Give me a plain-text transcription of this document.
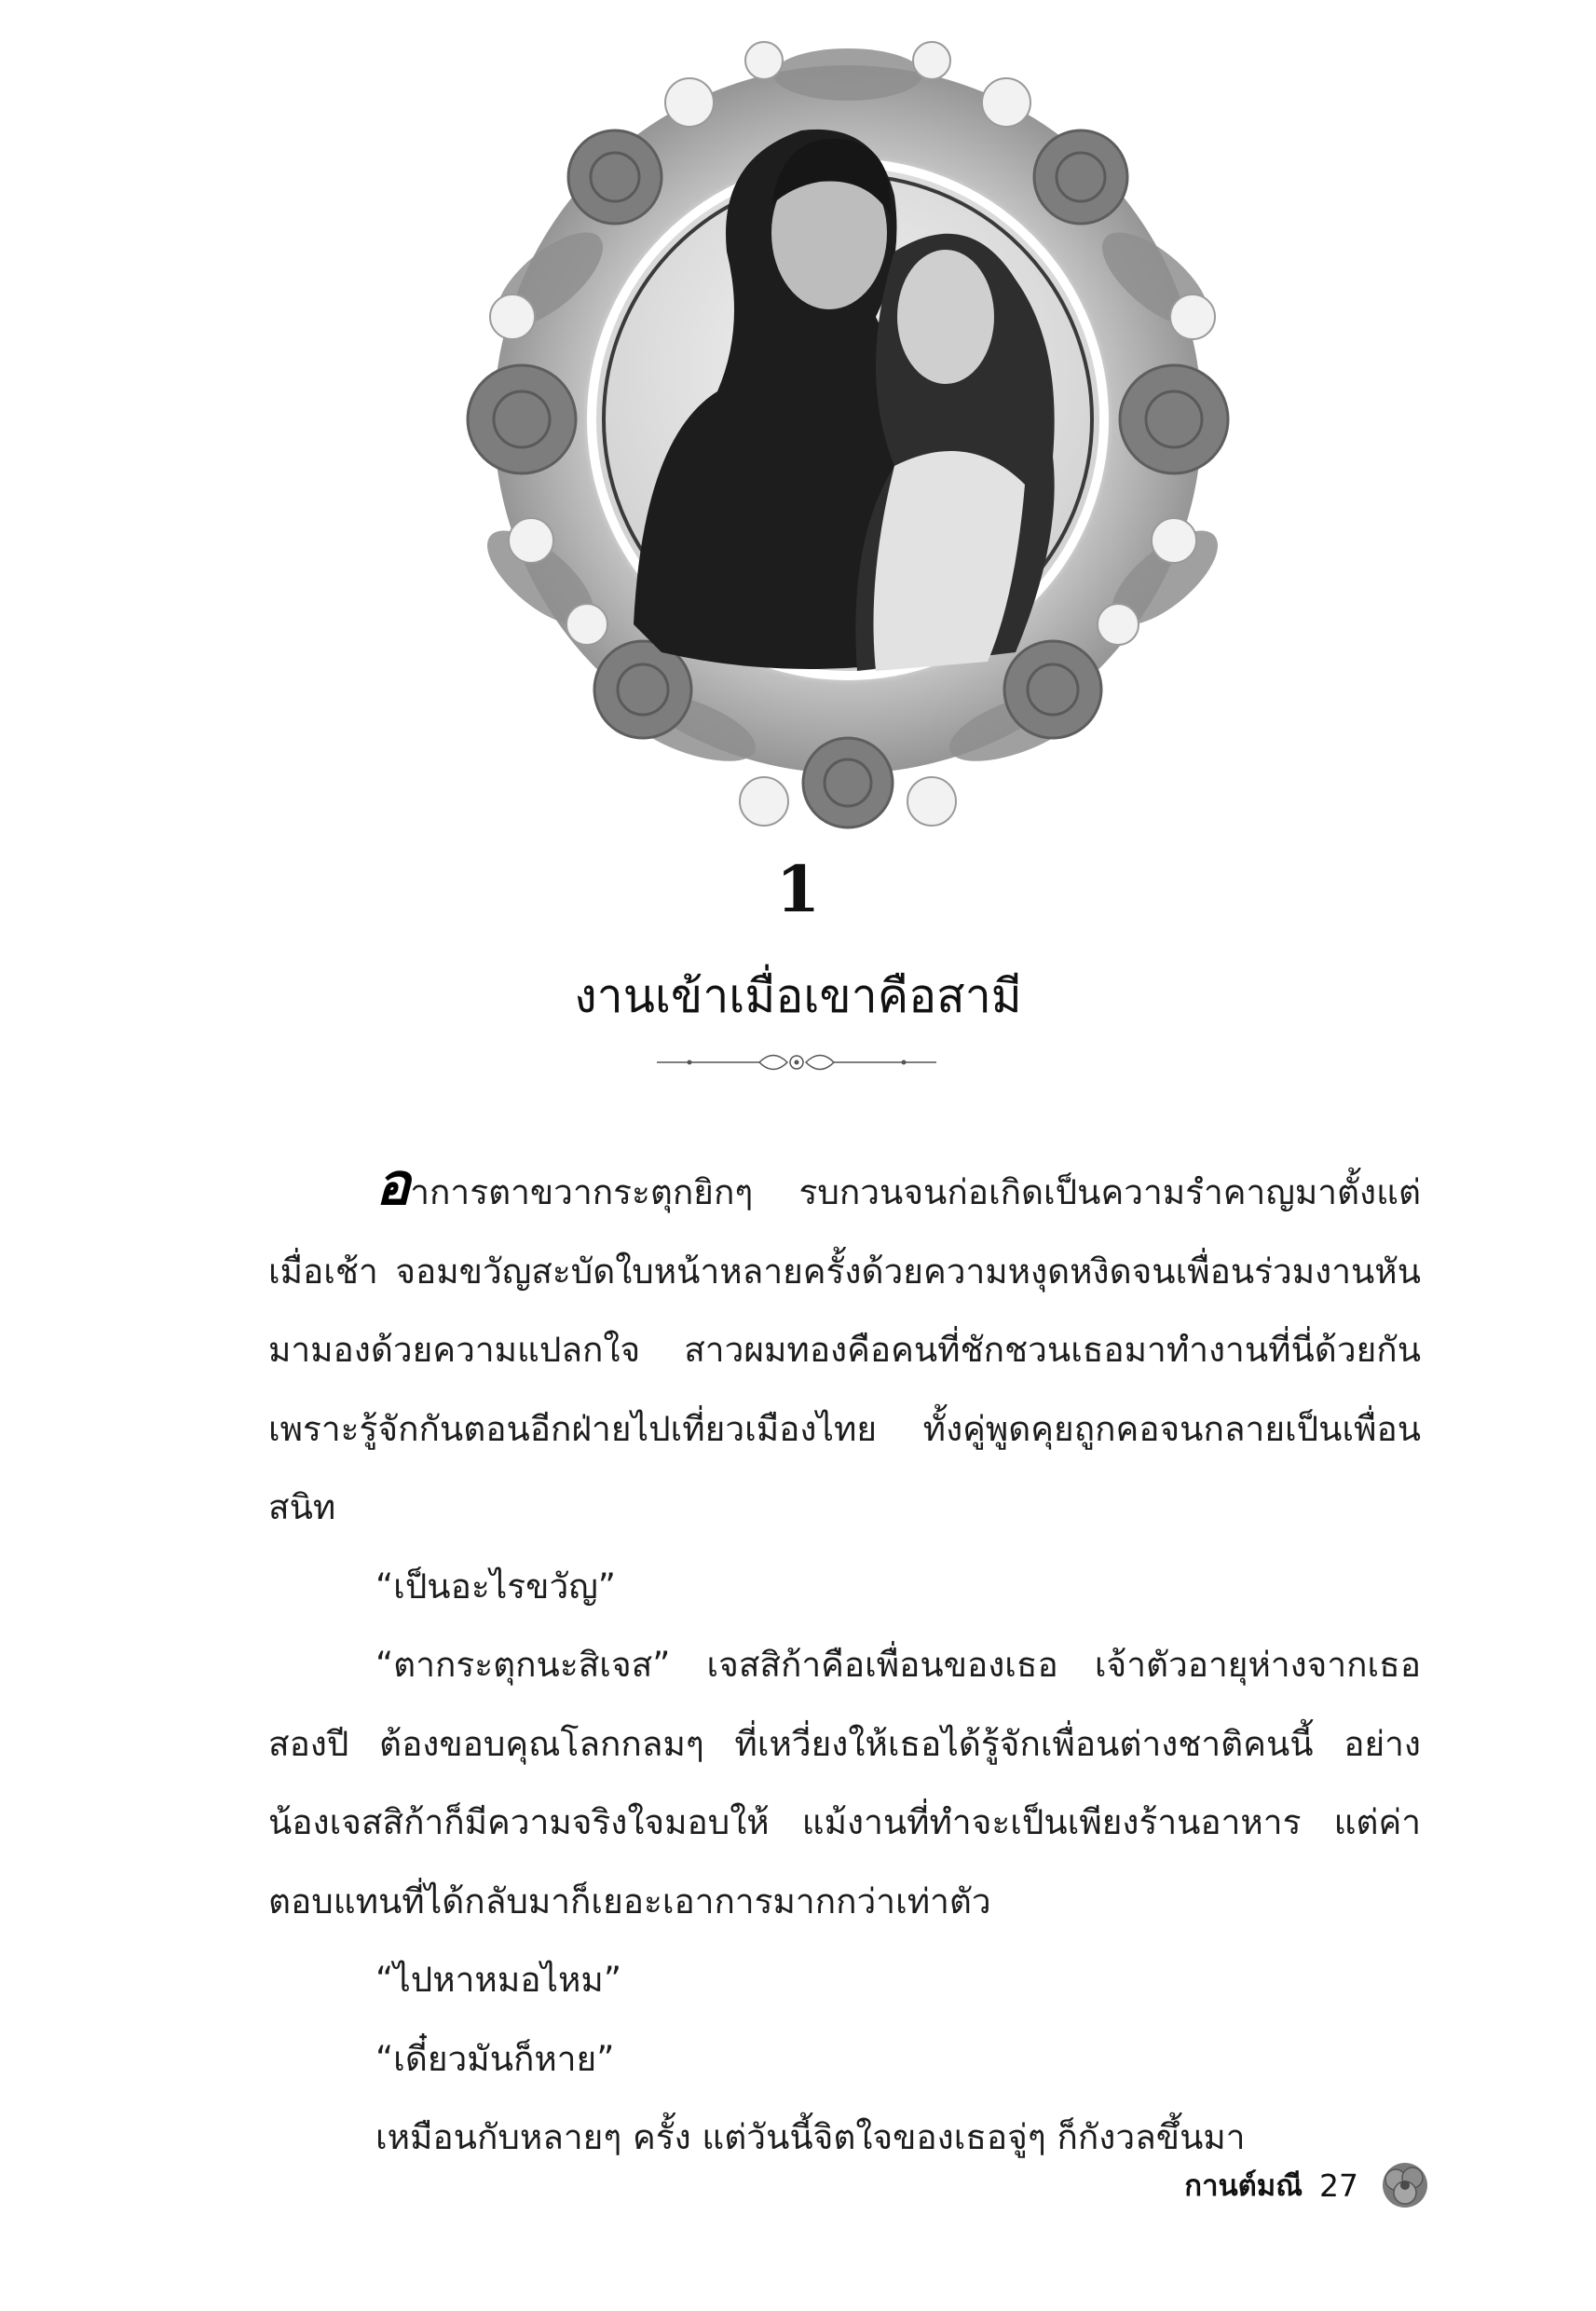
1
งานเข้าเมื่อเขาคือสามี

อาการตาขวากระตุกยิกๆ รบกวนจนก่อเกิดเป็นความรำคาญมาตั้งแต่เมื่อเช้า จอมขวัญสะบัดใบหน้าหลายครั้งด้วยความหงุดหงิดจนเพื่อนร่วมงานหันมามองด้วยความแปลกใจ สาวผมทองคือคนที่ชักชวนเธอมาทำงานที่นี่ด้วยกัน เพราะรู้จักกันตอนอีกฝ่ายไปเที่ยวเมืองไทย ทั้งคู่พูดคุยถูกคอจนกลายเป็นเพื่อนสนิท

“เป็นอะไรขวัญ”

“ตากระตุกนะสิเจส” เจสสิก้าคือเพื่อนของเธอ เจ้าตัวอายุห่างจากเธอสองปี ต้องขอบคุณโลกกลมๆ ที่เหวี่ยงให้เธอได้รู้จักเพื่อนต่างชาติคนนี้ อย่างน้องเจสสิก้าก็มีความจริงใจมอบให้ แม้งานที่ทำจะเป็นเพียงร้านอาหาร แต่ค่าตอบแทนที่ได้กลับมาก็เยอะเอาการมากกว่าเท่าตัว

“ไปหาหมอไหม”

“เดี๋ยวมันก็หาย”

เหมือนกับหลายๆ ครั้ง แต่วันนี้จิตใจของเธอจู่ๆ ก็กังวลขึ้นมา

กานต์มณี 27
